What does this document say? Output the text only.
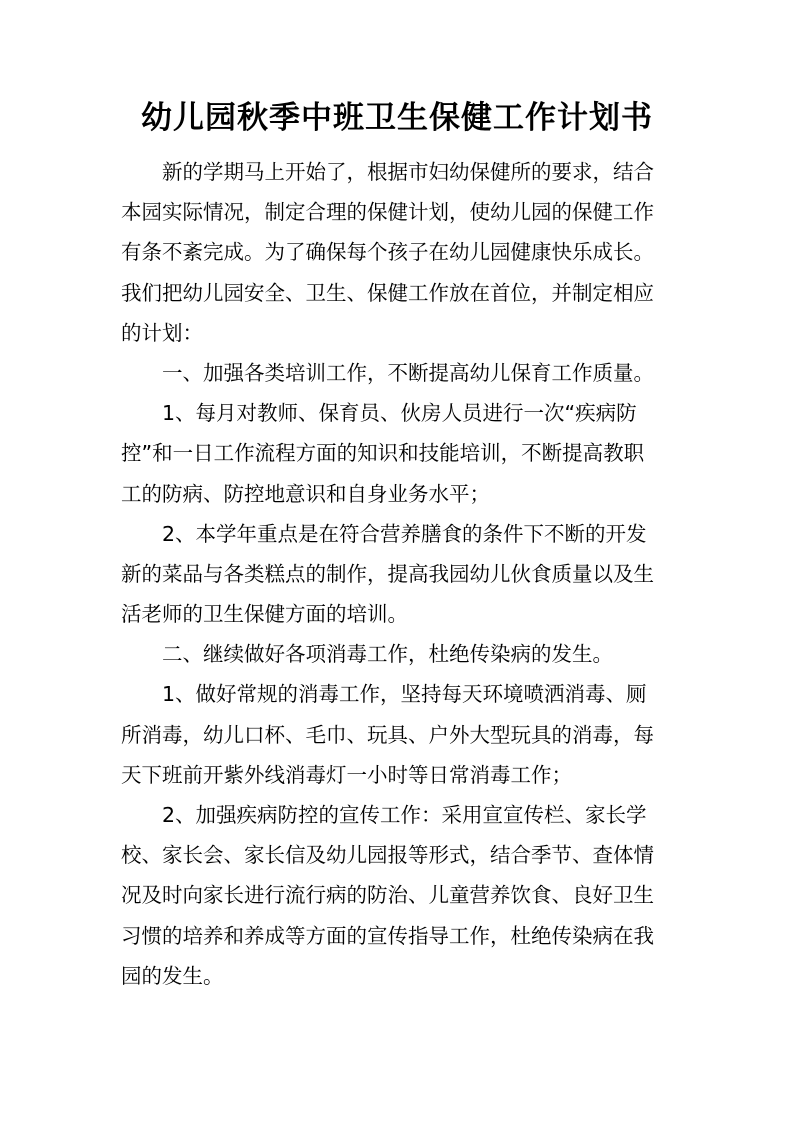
幼儿园秋季中班卫生保健工作计划书
新的学期马上开始了，根据市妇幼保健所的要求，结合
本园实际情况，制定合理的保健计划，使幼儿园的保健工作
有条不紊完成。为了确保每个孩子在幼儿园健康快乐成长。
我们把幼儿园安全、卫生、保健工作放在首位，并制定相应
的计划：
一、加强各类培训工作，不断提高幼儿保育工作质量。
1、每月对教师、保育员、伙房人员进行一次“疾病防
控”和一日工作流程方面的知识和技能培训，不断提高教职
工的防病、防控地意识和自身业务水平；
2、本学年重点是在符合营养膳食的条件下不断的开发
新的菜品与各类糕点的制作，提高我园幼儿伙食质量以及生
活老师的卫生保健方面的培训。
二、继续做好各项消毒工作，杜绝传染病的发生。
1、做好常规的消毒工作，坚持每天环境喷洒消毒、厕
所消毒，幼儿口杯、毛巾、玩具、户外大型玩具的消毒，每
天下班前开紫外线消毒灯一小时等日常消毒工作；
2、加强疾病防控的宣传工作：采用宣宣传栏、家长学
校、家长会、家长信及幼儿园报等形式，结合季节、查体情
况及时向家长进行流行病的防治、儿童营养饮食、良好卫生
习惯的培养和养成等方面的宣传指导工作，杜绝传染病在我
园的发生。
